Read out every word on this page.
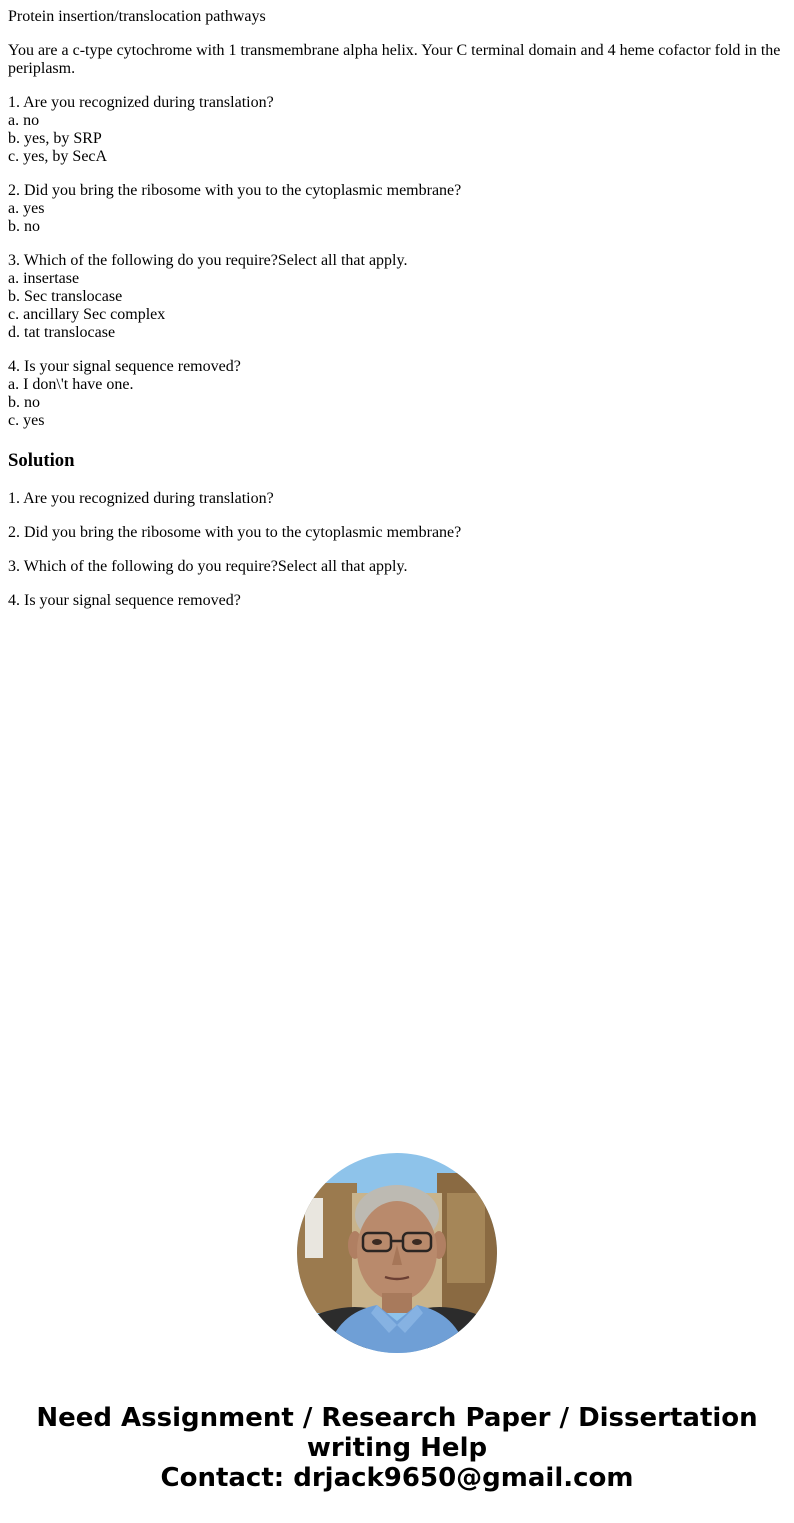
Protein insertion/translocation pathways

You are a c-type cytochrome with 1 transmembrane alpha helix. Your C terminal domain and 4 heme cofactor fold in the periplasm.

1. Are you recognized during translation?
a. no
b. yes, by SRP
c. yes, by SecA
2. Did you bring the ribosome with you to the cytoplasmic membrane?
a. yes
b. no
3. Which of the following do you require?Select all that apply.
a. insertase
b. Sec translocase
c. ancillary Sec complex
d. tat translocase
4. Is your signal sequence removed?
a. I don\'t have one.
b. no
c. yes
Solution

1. Are you recognized during translation?

2. Did you bring the ribosome with you to the cytoplasmic membrane?

3. Which of the following do you require?Select all that apply.

4. Is your signal sequence removed?

Need Assignment / Research Paper / Dissertation
writing Help
Contact: drjack9650@gmail.com
